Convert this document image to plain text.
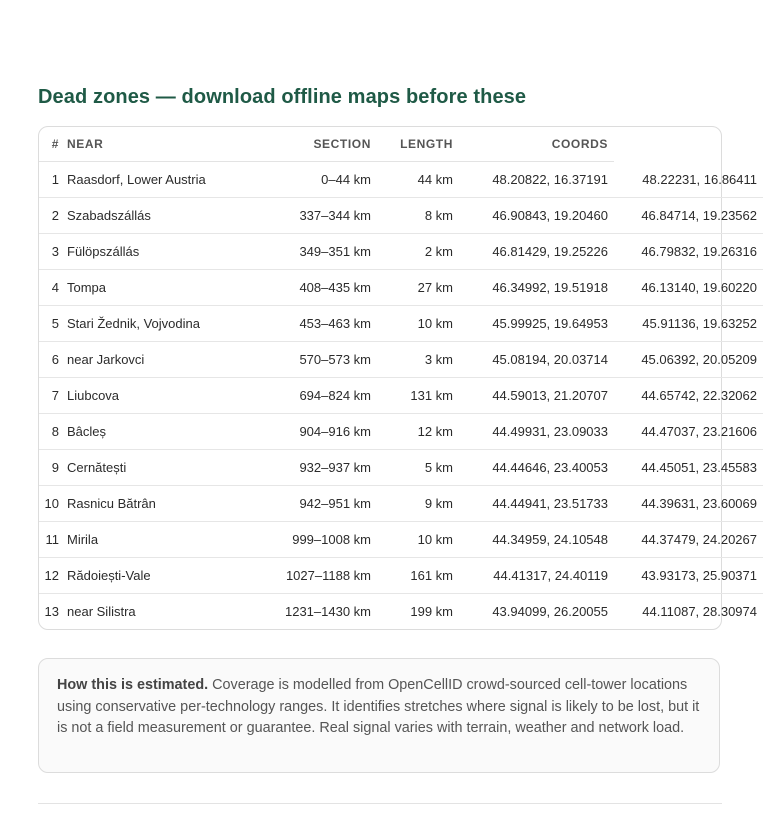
Dead zones — download offline maps before these
#	NEAR	SECTION	LENGTH	COORDS	
1	Raasdorf, Lower Austria	0–44 km	44 km	48.20822, 16.37191	48.22231, 16.86411
2	Szabadszállás	337–344 km	8 km	46.90843, 19.20460	46.84714, 19.23562
3	Fülöpszállás	349–351 km	2 km	46.81429, 19.25226	46.79832, 19.26316
4	Tompa	408–435 km	27 km	46.34992, 19.51918	46.13140, 19.60220
5	Stari Žednik, Vojvodina	453–463 km	10 km	45.99925, 19.64953	45.91136, 19.63252
6	near Jarkovci	570–573 km	3 km	45.08194, 20.03714	45.06392, 20.05209
7	Liubcova	694–824 km	131 km	44.59013, 21.20707	44.65742, 22.32062
8	Bâcleș	904–916 km	12 km	44.49931, 23.09033	44.47037, 23.21606
9	Cernătești	932–937 km	5 km	44.44646, 23.40053	44.45051, 23.45583
10	Rasnicu Bătrân	942–951 km	9 km	44.44941, 23.51733	44.39631, 23.60069
11	Mirila	999–1008 km	10 km	44.34959, 24.10548	44.37479, 24.20267
12	Rădoiești-Vale	1027–1188 km	161 km	44.41317, 24.40119	43.93173, 25.90371
13	near Silistra	1231–1430 km	199 km	43.94099, 26.20055	44.11087, 28.30974

How this is estimated. Coverage is modelled from OpenCellID crowd-sourced cell-tower locations using conservative per-technology ranges. It identifies stretches where signal is likely to be lost, but it is not a field measurement or guarantee. Real signal varies with terrain, weather and network load.
